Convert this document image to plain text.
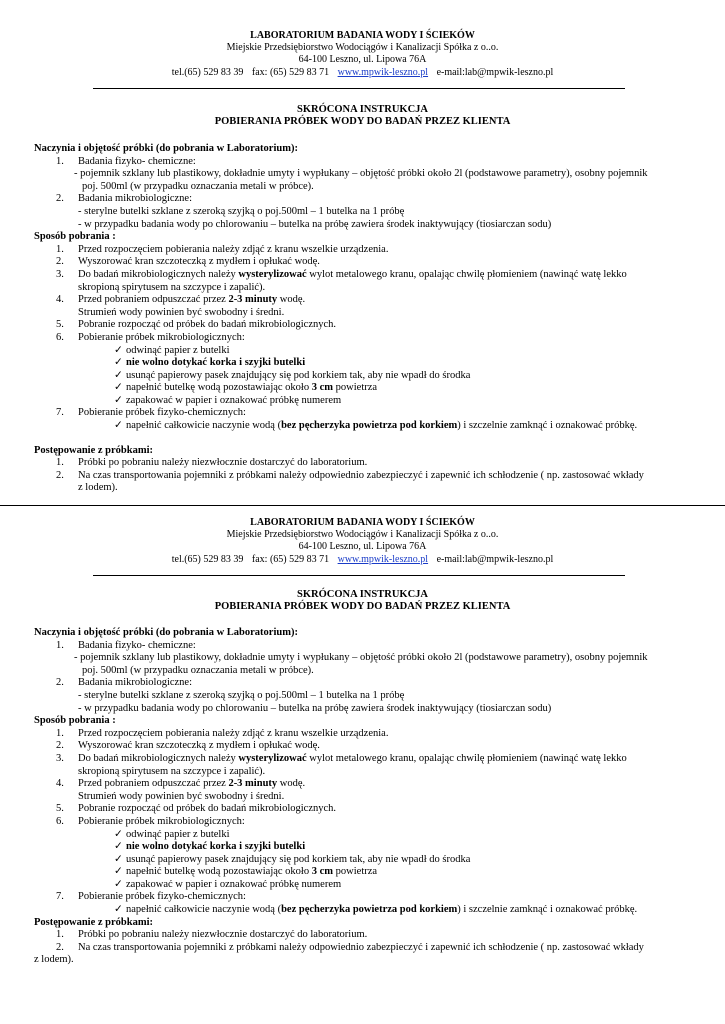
LABORATORIUM BADANIA WODY I ŚCIEKÓW
Miejskie Przedsiębiorstwo Wodociągów i Kanalizacji Spółka z o..o.
64-100 Leszno, ul. Lipowa 76A
tel.(65) 529 83 39 fax: (65) 529 83 71 www.mpwik-leszno.pl e-mail:lab@mpwik-leszno.pl
SKRÓCONA INSTRUKCJA
POBIERANIA PRÓBEK WODY DO BADAŃ PRZEZ KLIENTA
Naczynia i objętość próbki (do pobrania w Laboratorium):
1.	Badania fizyko- chemiczne:
- pojemnik szklany lub plastikowy, dokładnie umyty i wypłukany – objętość próbki około 2l (podstawowe parametry), osobny pojemnik
poj. 500ml (w przypadku oznaczania metali w próbce).
2.	Badania mikrobiologiczne:
- sterylne butelki szklane z szeroką szyjką o poj.500ml – 1 butelka na 1 próbę
- w przypadku badania wody po chlorowaniu – butelka na próbę zawiera środek inaktywujący (tiosiarczan sodu)
Sposób pobrania :
1.	Przed rozpoczęciem pobierania należy zdjąć z kranu wszelkie urządzenia.
2.	Wyszorować kran szczoteczką z mydłem i opłukać wodę.
3.	Do badań mikrobiologicznych należy wysterylizować wylot metalowego kranu, opalając chwilę płomieniem (nawinąć watę lekko
skropioną spirytusem na szczypce i zapalić).
4.	Przed pobraniem odpuszczać przez 2-3 minuty wodę.
Strumień wody powinien być swobodny i średni.
5.	Pobranie rozpocząć od próbek do badań mikrobiologicznych.
6.	Pobieranie próbek mikrobiologicznych:
✓ odwinąć papier z butelki
✓ nie wolno dotykać korka i szyjki butelki
✓ usunąć papierowy pasek znajdujący się pod korkiem tak, aby nie wpadł do środka
✓ napełnić butelkę wodą pozostawiając około 3 cm powietrza
✓ zapakować w papier i oznakować próbkę numerem
7.	Pobieranie próbek fizyko-chemicznych:
✓ napełnić całkowicie naczynie wodą (bez pęcherzyka powietrza pod korkiem) i szczelnie zamknąć i oznakować próbkę.
Postępowanie z próbkami:
1.	Próbki po pobraniu należy niezwłocznie dostarczyć do laboratorium.
2.	Na czas transportowania pojemniki z próbkami należy odpowiednio zabezpieczyć i zapewnić ich schłodzenie ( np. zastosować wkłady
z lodem).
LABORATORIUM BADANIA WODY I ŚCIEKÓW
Miejskie Przedsiębiorstwo Wodociągów i Kanalizacji Spółka z o..o.
64-100 Leszno, ul. Lipowa 76A
tel.(65) 529 83 39 fax: (65) 529 83 71 www.mpwik-leszno.pl e-mail:lab@mpwik-leszno.pl
SKRÓCONA INSTRUKCJA
POBIERANIA PRÓBEK WODY DO BADAŃ PRZEZ KLIENTA
Naczynia i objętość próbki (do pobrania w Laboratorium):
1.	Badania fizyko- chemiczne:
- pojemnik szklany lub plastikowy, dokładnie umyty i wypłukany – objętość próbki około 2l (podstawowe parametry), osobny pojemnik
poj. 500ml (w przypadku oznaczania metali w próbce).
2.	Badania mikrobiologiczne:
- sterylne butelki szklane z szeroką szyjką o poj.500ml – 1 butelka na 1 próbę
- w przypadku badania wody po chlorowaniu – butelka na próbę zawiera środek inaktywujący (tiosiarczan sodu)
Sposób pobrania :
1.	Przed rozpoczęciem pobierania należy zdjąć z kranu wszelkie urządzenia.
2.	Wyszorować kran szczoteczką z mydłem i opłukać wodę.
3.	Do badań mikrobiologicznych należy wysterylizować wylot metalowego kranu, opalając chwilę płomieniem (nawinąć watę lekko
skropioną spirytusem na szczypce i zapalić).
4.	Przed pobraniem odpuszczać przez 2-3 minuty wodę.
Strumień wody powinien być swobodny i średni.
5.	Pobranie rozpocząć od próbek do badań mikrobiologicznych.
6.	Pobieranie próbek mikrobiologicznych:
✓ odwinąć papier z butelki
✓ nie wolno dotykać korka i szyjki butelki
✓ usunąć papierowy pasek znajdujący się pod korkiem tak, aby nie wpadł do środka
✓ napełnić butelkę wodą pozostawiając około 3 cm powietrza
✓ zapakować w papier i oznakować próbkę numerem
7.	Pobieranie próbek fizyko-chemicznych:
✓ napełnić całkowicie naczynie wodą (bez pęcherzyka powietrza pod korkiem) i szczelnie zamknąć i oznakować próbkę.
Postępowanie z próbkami:
1.	Próbki po pobraniu należy niezwłocznie dostarczyć do laboratorium.
2.	Na czas transportowania pojemniki z próbkami należy odpowiednio zabezpieczyć i zapewnić ich schłodzenie ( np. zastosować wkłady
z lodem).
